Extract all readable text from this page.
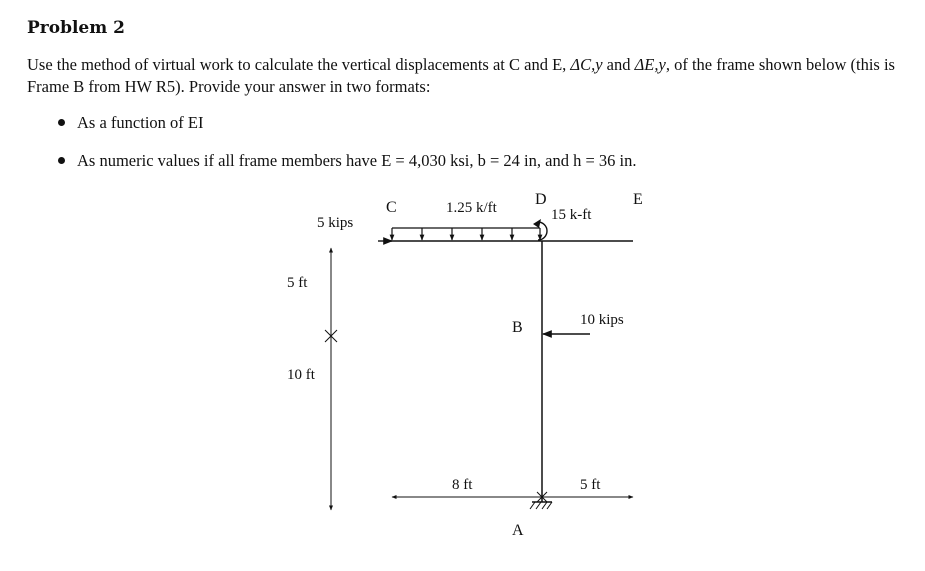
Problem 2
Use the method of virtual work to calculate the vertical displacements at C and E, ΔC,y and ΔE,y, of the frame shown below (this is Frame B from HW R5). Provide your answer in two formats:
As a function of EI
As numeric values if all frame members have E = 4,030 ksi, b = 24 in, and h = 36 in.
C	D	E
B
A
1.25 k/ft	15 k-ft
5 kips
10 kips
5 ft
10 ft
8 ft	5 ft
